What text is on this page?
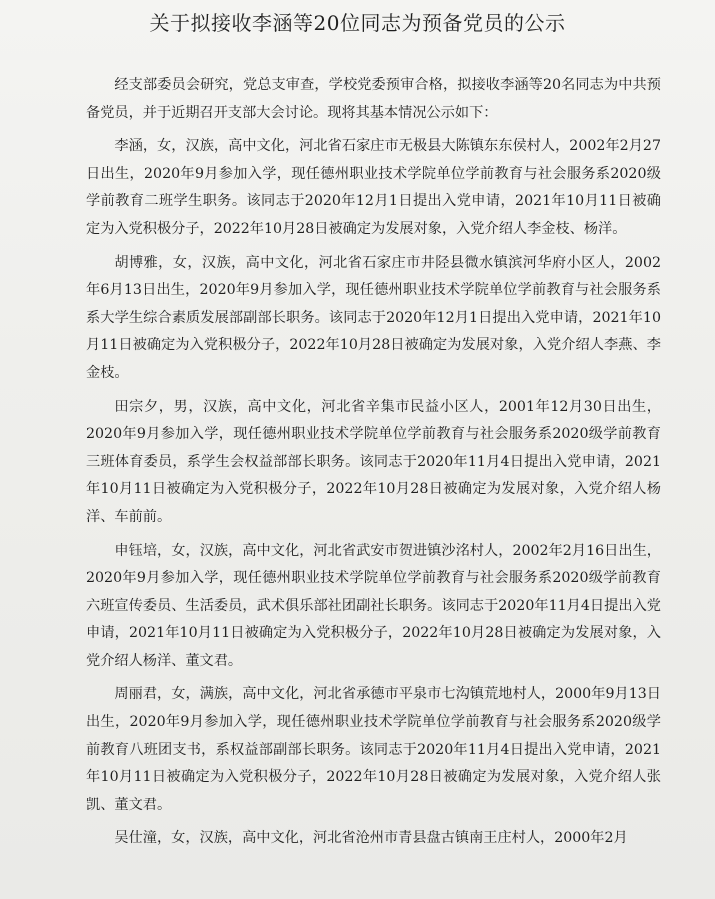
关于拟接收李涵等20位同志为预备党员的公示

经支部委员会研究，党总支审查，学校党委预审合格，拟接收李涵等20名同志为中共预备党员，并于近期召开支部大会讨论。现将其基本情况公示如下：

李涵，女，汉族，高中文化，河北省石家庄市无极县大陈镇东东侯村人，2002年2月27日出生，2020年9月参加入学，现任德州职业技术学院单位学前教育与社会服务系2020级学前教育二班学生职务。该同志于2020年12月1日提出入党申请，2021年10月11日被确定为入党积极分子，2022年10月28日被确定为发展对象，入党介绍人李金枝、杨洋。

胡博雅，女，汉族，高中文化，河北省石家庄市井陉县微水镇滨河华府小区人，2002年6月13日出生，2020年9月参加入学，现任德州职业技术学院单位学前教育与社会服务系系大学生综合素质发展部副部长职务。该同志于2020年12月1日提出入党申请，2021年10月11日被确定为入党积极分子，2022年10月28日被确定为发展对象，入党介绍人李燕、李金枝。

田宗夕，男，汉族，高中文化，河北省辛集市民益小区人，2001年12月30日出生，2020年9月参加入学，现任德州职业技术学院单位学前教育与社会服务系2020级学前教育三班体育委员，系学生会权益部部长职务。该同志于2020年11月4日提出入党申请，2021年10月11日被确定为入党积极分子，2022年10月28日被确定为发展对象，入党介绍人杨洋、车前前。

申钰培，女，汉族，高中文化，河北省武安市贺进镇沙洺村人，2002年2月16日出生，2020年9月参加入学，现任德州职业技术学院单位学前教育与社会服务系2020级学前教育六班宣传委员、生活委员，武术俱乐部社团副社长职务。该同志于2020年11月4日提出入党申请，2021年10月11日被确定为入党积极分子，2022年10月28日被确定为发展对象，入党介绍人杨洋、董文君。

周丽君，女，满族，高中文化，河北省承德市平泉市七沟镇荒地村人，2000年9月13日出生，2020年9月参加入学，现任德州职业技术学院单位学前教育与社会服务系2020级学前教育八班团支书，系权益部副部长职务。该同志于2020年11月4日提出入党申请，2021年10月11日被确定为入党积极分子，2022年10月28日被确定为发展对象，入党介绍人张凯、董文君。

吴仕潼，女，汉族，高中文化，河北省沧州市青县盘古镇南王庄村人，2000年2月
